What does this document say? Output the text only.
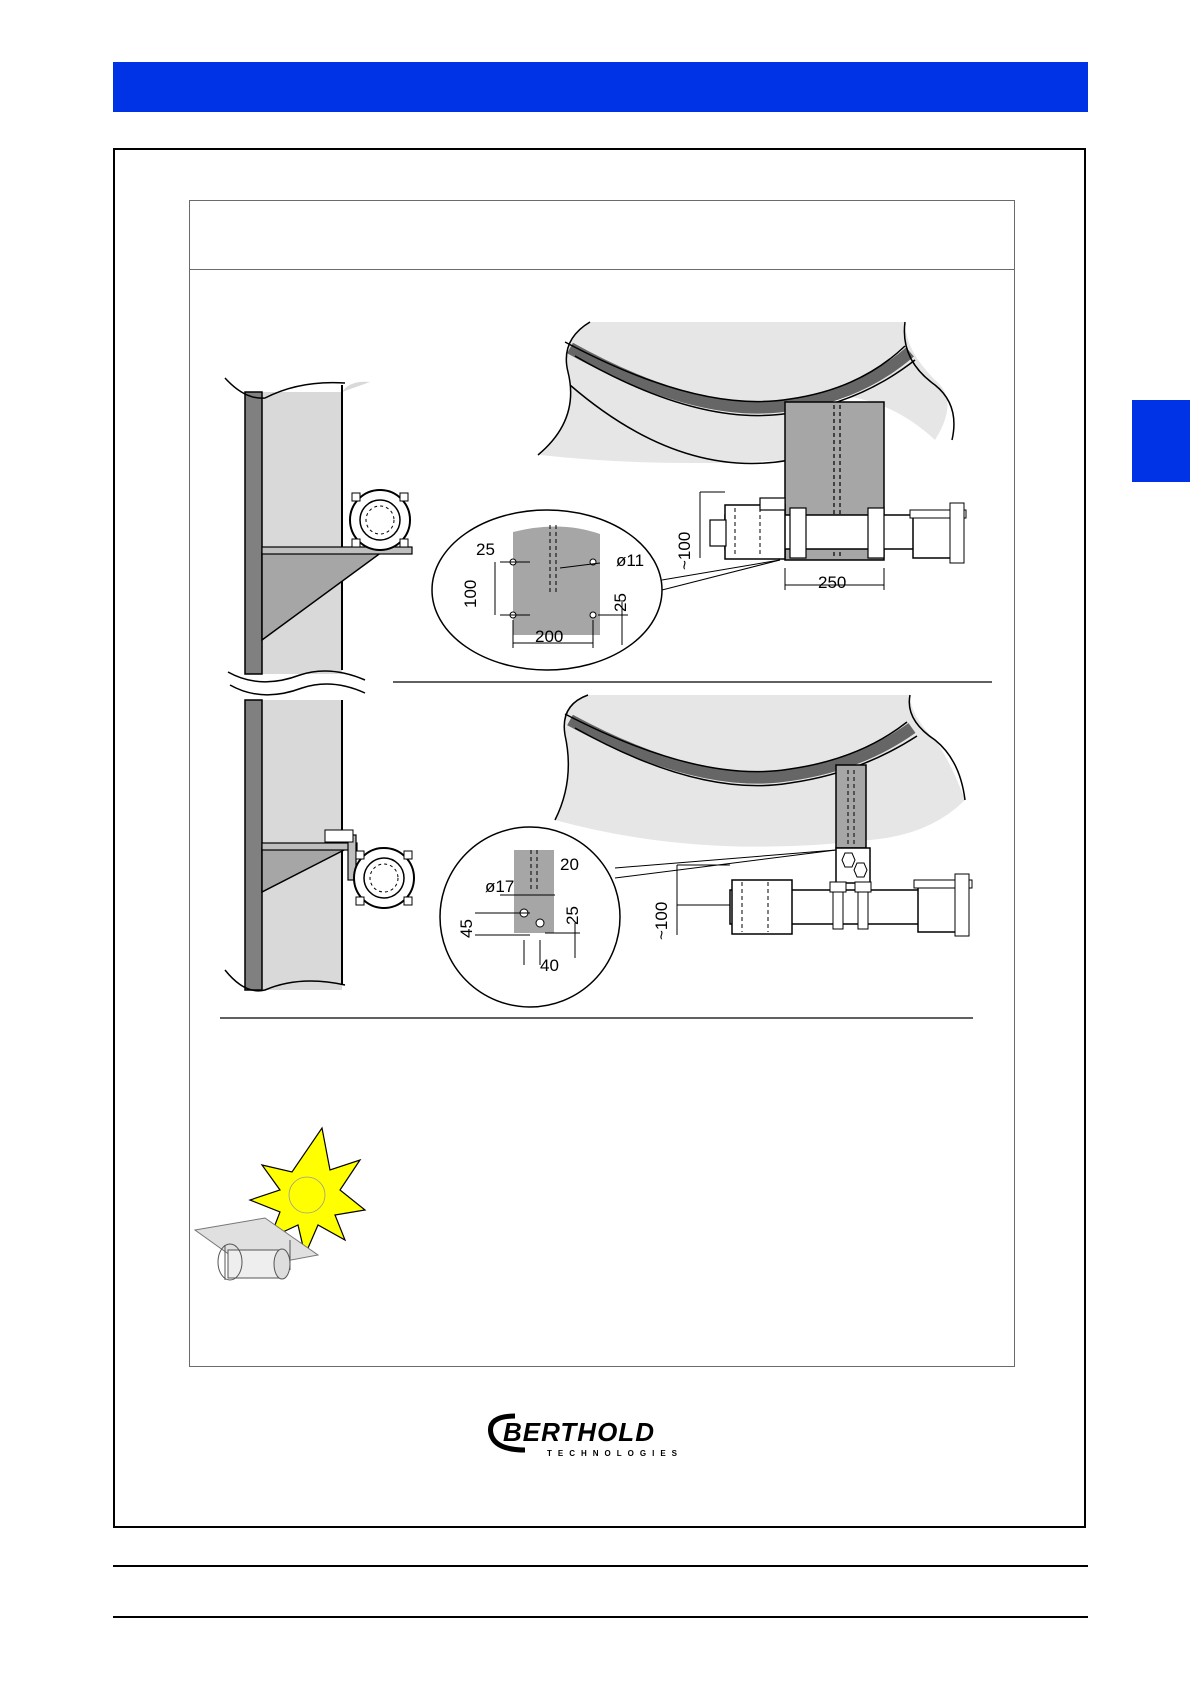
~100
250
25
ø11
100	25
200
~100
20
ø17
45
25
40
BERTHOLD
TECHNOLOGIES
